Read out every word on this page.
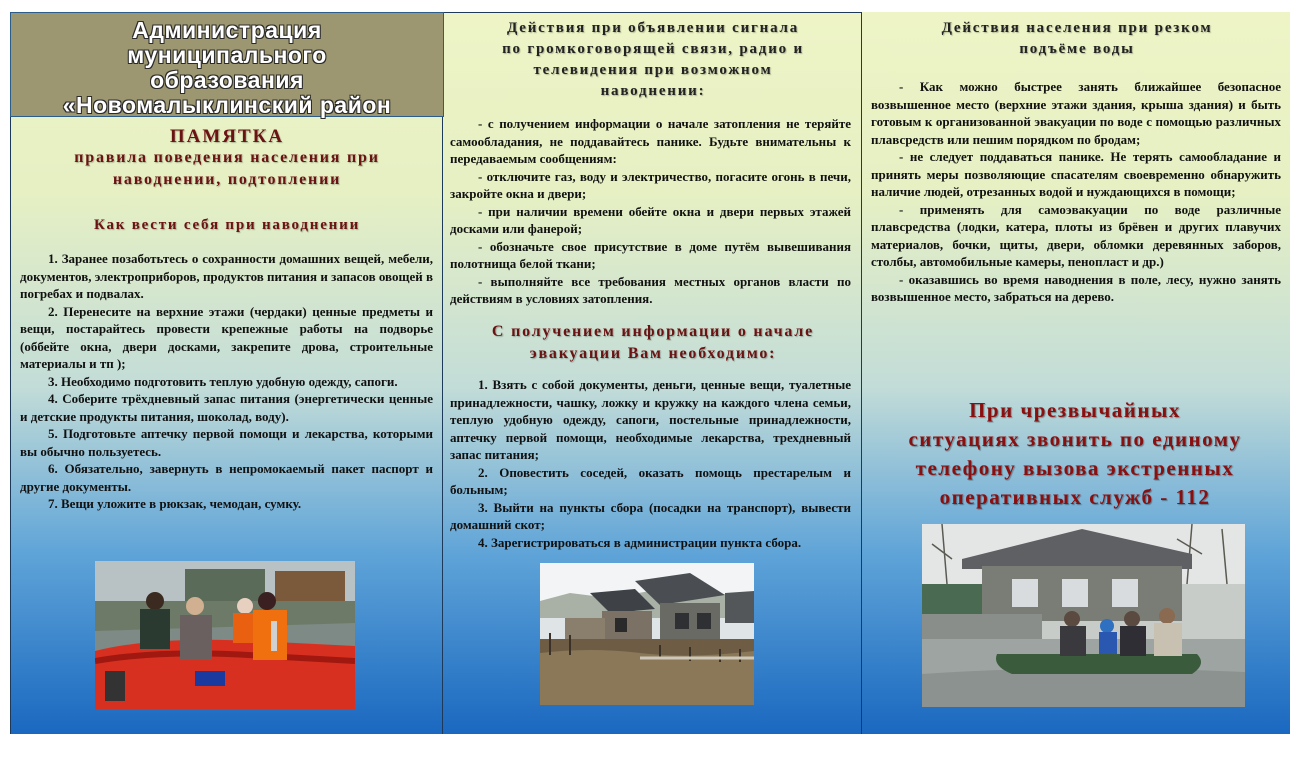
Администрация
муниципального
образования
«Новомалыклинский район
ПАМЯТКА
правила поведения населения при
наводнении, подтоплении
Как вести себя при наводнении

1. Заранее позаботьтесь о сохранности домашних вещей, мебели, документов, электроприборов, продуктов питания и запасов овощей в погребах и подвалах.

2. Перенесите на верхние этажи (чердаки) ценные предметы и вещи, постарайтесь провести крепежные работы на подворье (оббейте окна, двери досками, закрепите дрова, строительные материалы и тп );

3. Необходимо подготовить теплую удобную одежду, сапоги.

4. Соберите трёхдневный запас питания (энергетически ценные и детские продукты питания, шоколад, воду).

5. Подготовьте аптечку первой помощи и лекарства, которыми вы обычно пользуетесь.

6. Обязательно, завернуть в непромокаемый пакет паспорт и другие документы.

7. Вещи уложите в рюкзак, чемодан, сумку.

Действия при объявлении сигнала
по громкоговорящей связи, радио и
телевидения при возможном
наводнении:

- с получением информации о начале затопления не теряйте самообладания, не поддавайтесь панике. Будьте внимательны к передаваемым сообщениям:

- отключите газ, воду и электричество, погасите огонь в печи, закройте окна и двери;

- при наличии времени обейте окна и двери первых этажей досками или фанерой;

- обозначьте свое присутствие в доме путём вывешивания полотнища белой ткани;

- выполняйте все требования местных органов власти по действиям в условиях затопления.

С получением информации о начале
эвакуации Вам необходимо:

1. Взять с собой документы, деньги, ценные вещи, туалетные принадлежности, чашку, ложку и кружку на каждого члена семьи, теплую удобную одежду, сапоги, постельные принадлежности, аптечку первой помощи, необходимые лекарства, трехдневный запас питания;

2. Оповестить соседей, оказать помощь престарелым и больным;

3. Выйти на пункты сбора (посадки на транспорт), вывести домашний скот;

4. Зарегистрироваться в администрации пункта сбора.

Действия населения при резком
подъёме воды

- Как можно быстрее занять ближайшее безопасное возвышенное место (верхние этажи здания, крыша здания) и быть готовым к организованной эвакуации по воде с помощью различных плавсредств или пешим порядком по бродам;

- не следует поддаваться панике. Не терять самообладание и принять меры позволяющие спасателям своевременно обнаружить наличие людей, отрезанных водой и нуждающихся в помощи;

- применять для самоэвакуации по воде различные плавсредства (лодки, катера, плоты из брёвен и других плавучих материалов, бочки, щиты, двери, обломки деревянных заборов, столбы, автомобильные камеры, пенопласт и др.)

- оказавшись во время наводнения в поле, лесу, нужно занять возвышенное место, забраться на дерево.

При чрезвычайных
ситуациях звонить по единому
телефону вызова экстренных
оперативных служб - 112
